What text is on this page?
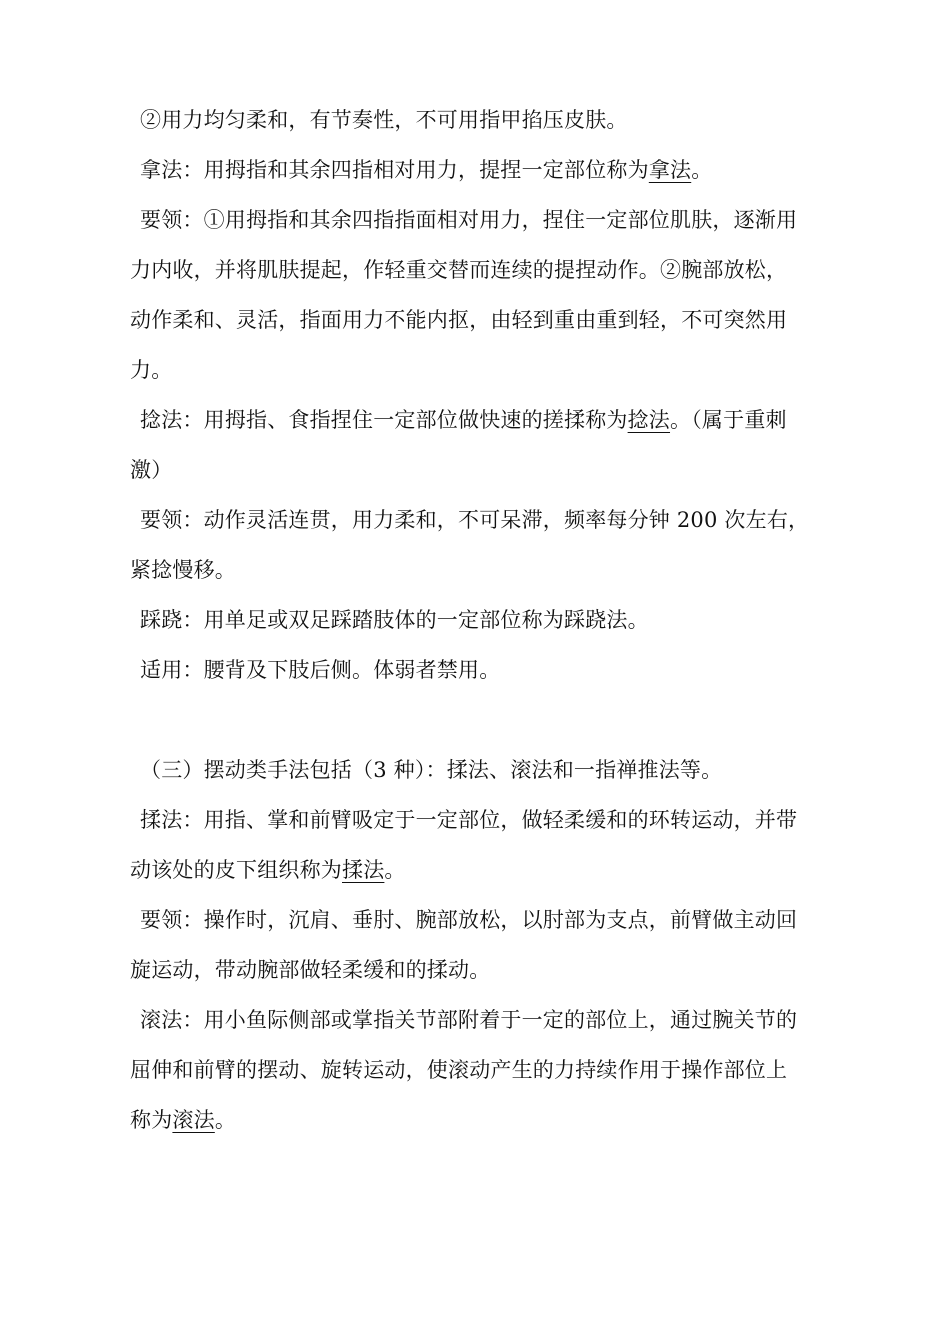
②用力均匀柔和，有节奏性，不可用指甲掐压皮肤。
拿法：用拇指和其余四指相对用力，提捏一定部位称为拿法。
要领：①用拇指和其余四指指面相对用力，捏住一定部位肌肤，逐渐用
力内收，并将肌肤提起，作轻重交替而连续的提捏动作。②腕部放松，
动作柔和、灵活，指面用力不能内抠，由轻到重由重到轻，不可突然用
力。
捻法：用拇指、食指捏住一定部位做快速的搓揉称为捻法。（属于重刺
激）
要领：动作灵活连贯，用力柔和，不可呆滞，频率每分钟 200 次左右，
紧捻慢移。
踩跷：用单足或双足踩踏肢体的一定部位称为踩跷法。
适用：腰背及下肢后侧。体弱者禁用。
（三）摆动类手法包括（3 种）：揉法、滚法和一指禅推法等。
揉法：用指、掌和前臂吸定于一定部位，做轻柔缓和的环转运动，并带
动该处的皮下组织称为揉法。
要领：操作时，沉肩、垂肘、腕部放松，以肘部为支点，前臂做主动回
旋运动，带动腕部做轻柔缓和的揉动。
滚法：用小鱼际侧部或掌指关节部附着于一定的部位上，通过腕关节的
屈伸和前臂的摆动、旋转运动，使滚动产生的力持续作用于操作部位上
称为滚法。
